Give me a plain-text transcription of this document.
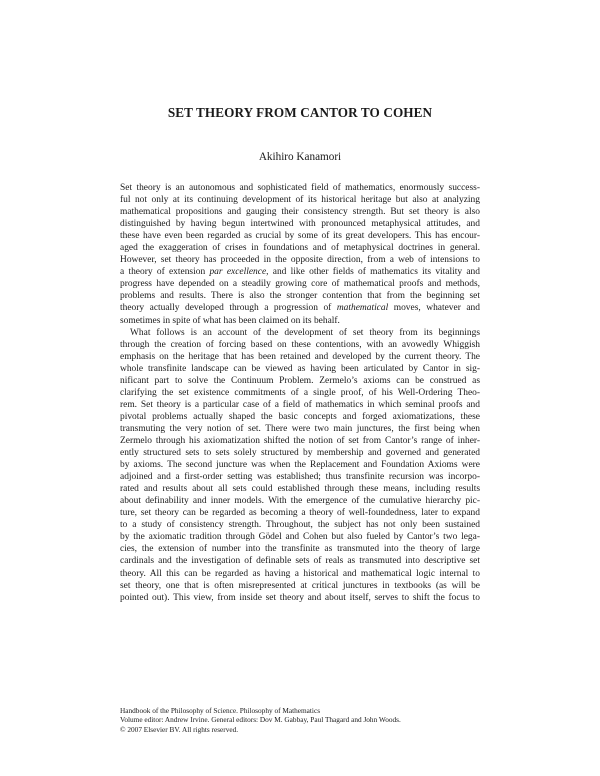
SET THEORY FROM CANTOR TO COHEN
Akihiro Kanamori
Set theory is an autonomous and sophisticated field of mathematics, enormously success-
ful not only at its continuing development of its historical heritage but also at analyzing
mathematical propositions and gauging their consistency strength. But set theory is also
distinguished by having begun intertwined with pronounced metaphysical attitudes, and
these have even been regarded as crucial by some of its great developers. This has encour-
aged the exaggeration of crises in foundations and of metaphysical doctrines in general.
However, set theory has proceeded in the opposite direction, from a web of intensions to
a theory of extension par excellence, and like other fields of mathematics its vitality and
progress have depended on a steadily growing core of mathematical proofs and methods,
problems and results. There is also the stronger contention that from the beginning set
theory actually developed through a progression of mathematical moves, whatever and
sometimes in spite of what has been claimed on its behalf.
What follows is an account of the development of set theory from its beginnings
through the creation of forcing based on these contentions, with an avowedly Whiggish
emphasis on the heritage that has been retained and developed by the current theory. The
whole transfinite landscape can be viewed as having been articulated by Cantor in sig-
nificant part to solve the Continuum Problem. Zermelo’s axioms can be construed as
clarifying the set existence commitments of a single proof, of his Well-Ordering Theo-
rem. Set theory is a particular case of a field of mathematics in which seminal proofs and
pivotal problems actually shaped the basic concepts and forged axiomatizations, these
transmuting the very notion of set. There were two main junctures, the first being when
Zermelo through his axiomatization shifted the notion of set from Cantor’s range of inher-
ently structured sets to sets solely structured by membership and governed and generated
by axioms. The second juncture was when the Replacement and Foundation Axioms were
adjoined and a first-order setting was established; thus transfinite recursion was incorpo-
rated and results about all sets could established through these means, including results
about definability and inner models. With the emergence of the cumulative hierarchy pic-
ture, set theory can be regarded as becoming a theory of well-foundedness, later to expand
to a study of consistency strength. Throughout, the subject has not only been sustained
by the axiomatic tradition through Gödel and Cohen but also fueled by Cantor’s two lega-
cies, the extension of number into the transfinite as transmuted into the theory of large
cardinals and the investigation of definable sets of reals as transmuted into descriptive set
theory. All this can be regarded as having a historical and mathematical logic internal to
set theory, one that is often misrepresented at critical junctures in textbooks (as will be
pointed out). This view, from inside set theory and about itself, serves to shift the focus to
Handbook of the Philosophy of Science. Philosophy of Mathematics
Volume editor: Andrew Irvine. General editors: Dov M. Gabbay, Paul Thagard and John Woods.
© 2007 Elsevier BV. All rights reserved.
